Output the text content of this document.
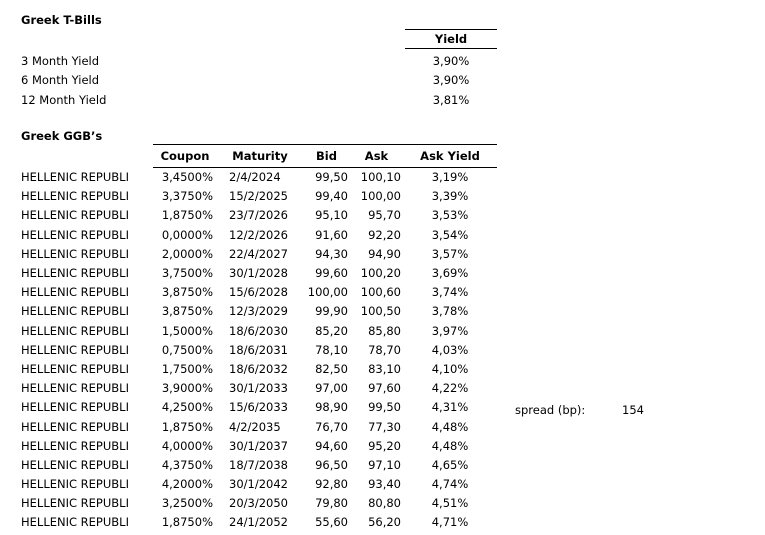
Greek T-Bills
Yield
3 Month Yield	3,90%
6 Month Yield	3,90%
12 Month Yield	3,81%
Greek GGB’s
	Coupon	Maturity	Bid	Ask	Ask Yield
HELLENIC REPUBLI	3,4500%	2/4/2024	99,50	100,10	3,19%
HELLENIC REPUBLI	3,3750%	15/2/2025	99,40	100,00	3,39%
HELLENIC REPUBLI	1,8750%	23/7/2026	95,10	95,70	3,53%
HELLENIC REPUBLI	0,0000%	12/2/2026	91,60	92,20	3,54%
HELLENIC REPUBLI	2,0000%	22/4/2027	94,30	94,90	3,57%
HELLENIC REPUBLI	3,7500%	30/1/2028	99,60	100,20	3,69%
HELLENIC REPUBLI	3,8750%	15/6/2028	100,00	100,60	3,74%
HELLENIC REPUBLI	3,8750%	12/3/2029	99,90	100,50	3,78%
HELLENIC REPUBLI	1,5000%	18/6/2030	85,20	85,80	3,97%
HELLENIC REPUBLI	0,7500%	18/6/2031	78,10	78,70	4,03%
HELLENIC REPUBLI	1,7500%	18/6/2032	82,50	83,10	4,10%
HELLENIC REPUBLI	3,9000%	30/1/2033	97,00	97,60	4,22%
HELLENIC REPUBLI	4,2500%	15/6/2033	98,90	99,50	4,31%
HELLENIC REPUBLI	1,8750%	4/2/2035	76,70	77,30	4,48%
HELLENIC REPUBLI	4,0000%	30/1/2037	94,60	95,20	4,48%
HELLENIC REPUBLI	4,3750%	18/7/2038	96,50	97,10	4,65%
HELLENIC REPUBLI	4,2000%	30/1/2042	92,80	93,40	4,74%
HELLENIC REPUBLI	3,2500%	20/3/2050	79,80	80,80	4,51%
HELLENIC REPUBLI	1,8750%	24/1/2052	55,60	56,20	4,71%
spread (bp):	154
